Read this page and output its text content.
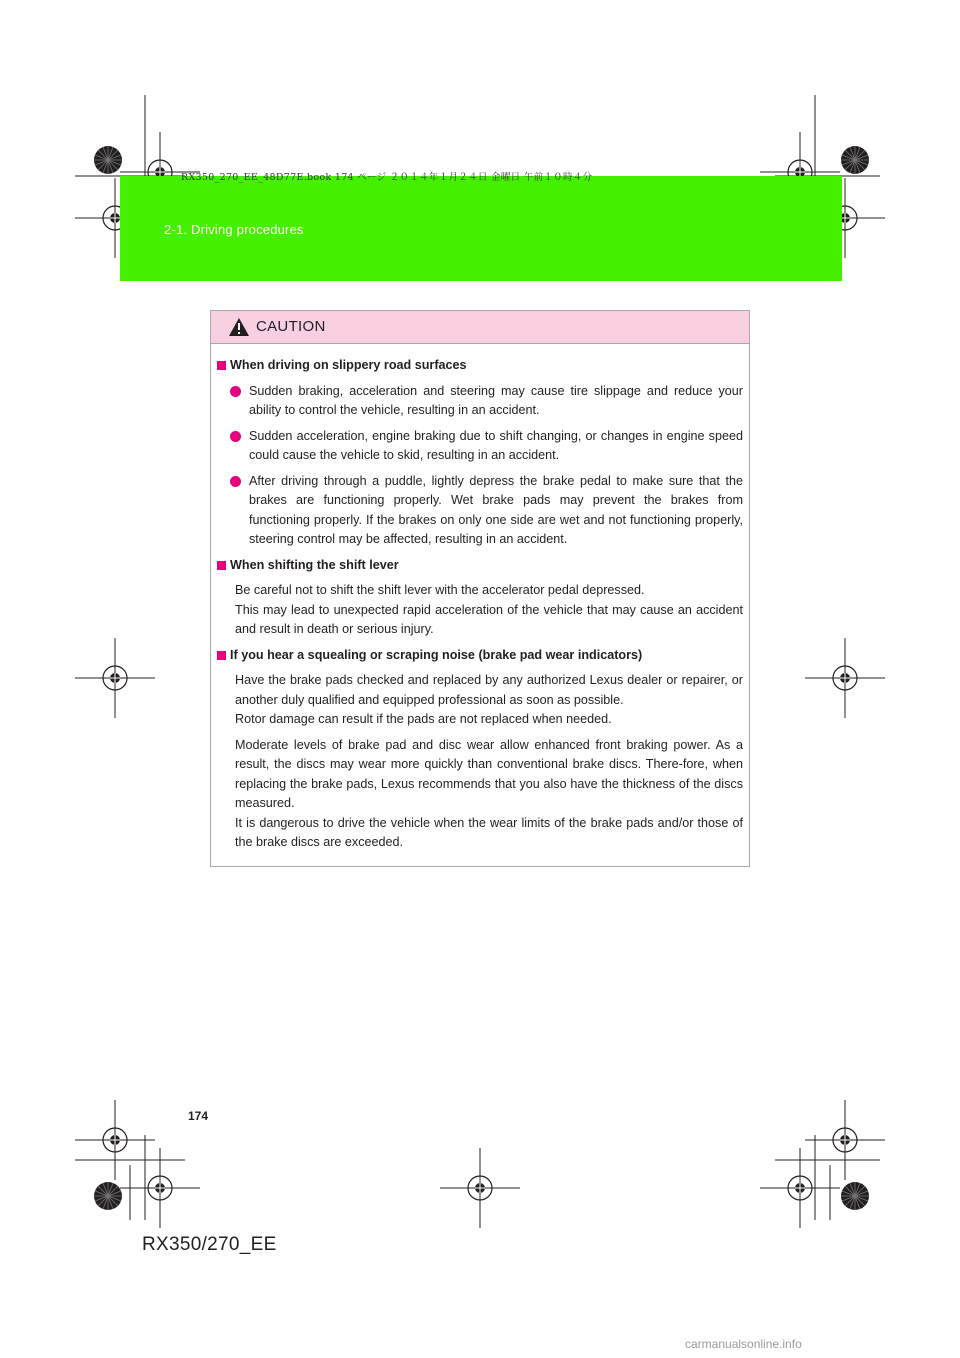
2-1. Driving procedures
RX350_270_EE_48D77E.book 174 ページ ２０１４年１月２４日 金曜日 午前１０時４分
CAUTION
When driving on slippery road surfaces
Sudden braking, acceleration and steering may cause tire slippage and reduce your ability to control the vehicle, resulting in an accident.
Sudden acceleration, engine braking due to shift changing, or changes in engine speed could cause the vehicle to skid, resulting in an accident.
After driving through a puddle, lightly depress the brake pedal to make sure that the brakes are functioning properly. Wet brake pads may prevent the brakes from functioning properly. If the brakes on only one side are wet and not functioning properly, steering control may be affected, resulting in an accident.
When shifting the shift lever
Be careful not to shift the shift lever with the accelerator pedal depressed.
This may lead to unexpected rapid acceleration of the vehicle that may cause an accident and result in death or serious injury.
If you hear a squealing or scraping noise (brake pad wear indicators)
Have the brake pads checked and replaced by any authorized Lexus dealer or repairer, or another duly qualified and equipped professional as soon as possible.
Rotor damage can result if the pads are not replaced when needed.
Moderate levels of brake pad and disc wear allow enhanced front braking power. As a result, the discs may wear more quickly than conventional brake discs. There-fore, when replacing the brake pads, Lexus recommends that you also have the thickness of the discs measured.
It is dangerous to drive the vehicle when the wear limits of the brake pads and/or those of the brake discs are exceeded.
174
RX350/270_EE
carmanualsonline.info
